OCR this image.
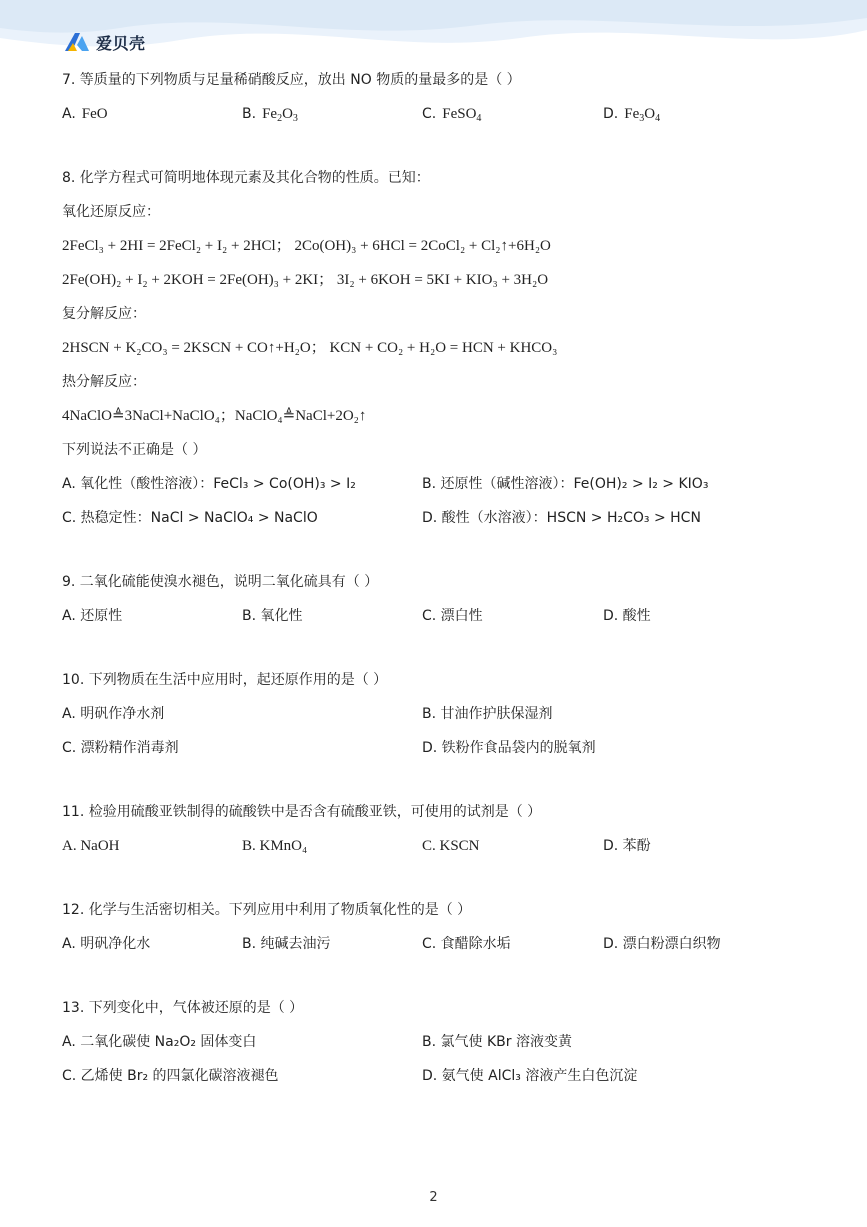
爱贝壳
7. 等质量的下列物质与足量稀硝酸反应，放出 NO 物质的量最多的是（ ）
A. FeO	B. $Fe_2O_3$	C. FeSO$_4$	D. $Fe_3O_4$
8. 化学方程式可简明地体现元素及其化合物的性质。已知：
氧化还原反应：
2FeCl₃ + 2HI = 2FeCl₂ + I₂ + 2HCl； 2Co(OH)₃ + 6HCl = 2CoCl₂ + Cl₂↑+6H₂O
2Fe(OH)₂ + I₂ + 2KOH = 2Fe(OH)₃ + 2KI； 3I₂ + 6KOH = 5KI + KIO₃ + 3H₂O
复分解反应：
2HSCN + K₂CO₃ = 2KSCN + CO↑+H₂O； KCN + CO₂ + H₂O = HCN + KHCO₃
热分解反应：
4NaClO≜3NaCl+NaClO₄；NaClO₄≜NaCl+2O₂↑
下列说法不正确是（ ）
A. 氧化性（酸性溶液）：FeCl₃ > Co(OH)₃ > I₂	B. 还原性（碱性溶液）：Fe(OH)₂ > I₂ > KIO₃
C. 热稳定性：NaCl > NaClO₄ > NaClO	D. 酸性（水溶液）：HSCN > H₂CO₃ > HCN
9. 二氧化硫能使溴水褪色，说明二氧化硫具有（ ）
A. 还原性	B. 氧化性	C. 漂白性	D. 酸性
10. 下列物质在生活中应用时，起还原作用的是（ ）
A. 明矾作净水剂	B. 甘油作护肤保湿剂
C. 漂粉精作消毒剂	D. 铁粉作食品袋内的脱氧剂
11. 检验用硫酸亚铁制得的硫酸铁中是否含有硫酸亚铁，可使用的试剂是（ ）
A. NaOH	B. KMnO₄	C. KSCN	D. 苯酚
12. 化学与生活密切相关。下列应用中利用了物质氧化性的是（ ）
A. 明矾净化水	B. 纯碱去油污	C. 食醋除水垢	D. 漂白粉漂白织物
13. 下列变化中，气体被还原的是（ ）
A. 二氧化碳使 Na₂O₂ 固体变白	B. 氯气使 KBr 溶液变黄
C. 乙烯使 Br₂ 的四氯化碳溶液褪色	D. 氨气使 AlCl₃ 溶液产生白色沉淀
2
